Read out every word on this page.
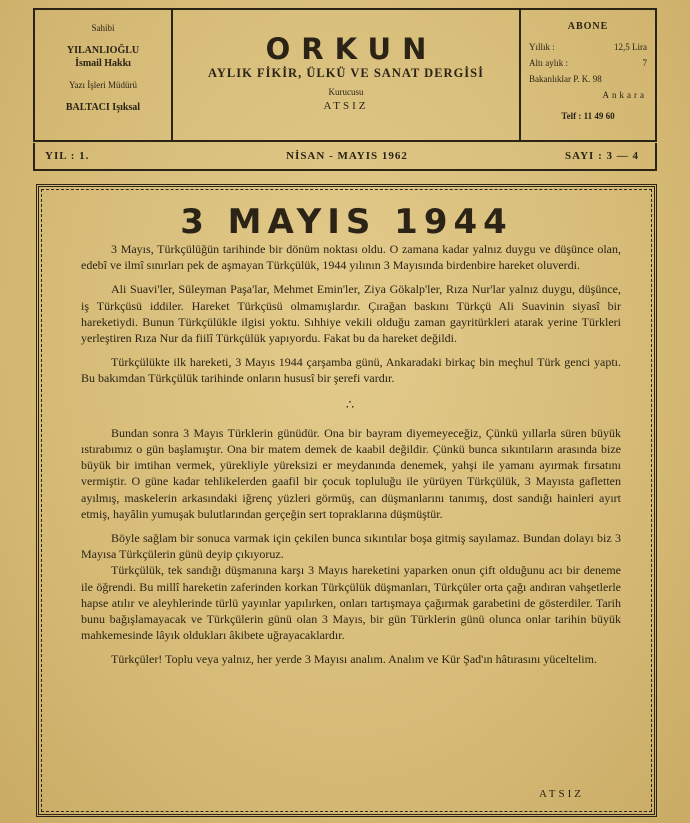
Sahibi
YILANLIOĞLU
İsmail Hakkı
Yazı İşleri Müdürü
BALTACI Işıksal
ORKUN
AYLIK FİKİR, ÜLKÜ VE SANAT DERGİSİ
Kurucusu
ATSIZ
ABONE
Yıllık :	12,5 Lira
Altı aylık :	7
Bakanlıklar P. K. 98
Ankara
Telf : 11 49 60
YIL : 1.	NİSAN - MAYIS 1962	SAYI : 3 — 4
3 MAYIS 1944

3 Mayıs, Türkçülüğün tarihinde bir dönüm noktası oldu. O zamana kadar yalnız duygu ve düşünce olan, edebî ve ilmî sınırları pek de aşmayan Türkçülük, 1944 yılının 3 Mayısında birdenbire hareket oluverdi.

Ali Suavi'ler, Süleyman Paşa'lar, Mehmet Emin'ler, Ziya Gökalp'ler, Rıza Nur'lar yalnız duygu, düşünce, iş Türkçüsü iddiler. Hareket Türkçüsü olmamışlardır. Çırağan baskını Türkçü Ali Suavinin siyasî bir hareketiydi. Bunun Türkçülükle ilgisi yoktu. Sıhhiye vekili olduğu zaman gayritürkleri atarak yerine Türkleri yerleştiren Rıza Nur da fiilî Türkçülük yapıyordu. Fakat bu da hareket değildi.

Türkçülükte ilk hareketi, 3 Mayıs 1944 çarşamba günü, Ankaradaki birkaç bin meçhul Türk genci yaptı. Bu bakımdan Türkçülük tarihinde onların hususî bir şerefi vardır.

∴

Bundan sonra 3 Mayıs Türklerin günüdür. Ona bir bayram diyemeyeceğiz, Çünkü yıllarla süren büyük ıstırabımız o gün başlamıştır. Ona bir matem demek de kaabil değildir. Çünkü bunca sıkıntıların arasında bize büyük bir imtihan vermek, yürekliyle yüreksizi er meydanında denemek, yahşi ile yamanı ayırmak fırsatını vermiştir. O güne kadar tehlikelerden gaafil bir çocuk topluluğu ile yürüyen Türkçülük, 3 Mayısta gafletten ayılmış, maskelerin arkasındaki iğrenç yüzleri görmüş, can düşmanlarını tanımış, dost sandığı hainleri ayırt etmiş, hayâlin yumuşak bulutlarından gerçeğin sert topraklarına düşmüştür.

Böyle sağlam bir sonuca varmak için çekilen bunca sıkıntılar boşa gitmiş sayılamaz. Bundan dolayı biz 3 Mayısa Türkçülerin günü deyip çıkıyoruz.

Türkçülük, tek sandığı düşmanına karşı 3 Mayıs hareketini yaparken onun çift olduğunu acı bir deneme ile öğrendi. Bu millî hareketin zaferinden korkan Türkçülük düşmanları, Türkçüler orta çağı andıran vahşetlerle hapse atılır ve aleyhlerinde türlü yayınlar yapılırken, onları tartışmaya çağırmak garabetini de gösterdiler. Tarih bunu bağışlamayacak ve Türkçülerin günü olan 3 Mayıs, bir gün Türklerin günü olunca onlar tarihin büyük mahkemesinde lâyık oldukları âkibete uğrayacaklardır.

Türkçüler! Toplu veya yalnız, her yerde 3 Mayısı analım. Analım ve Kür Şad'ın hâtırasını yüceltelim.

ATSIZ
